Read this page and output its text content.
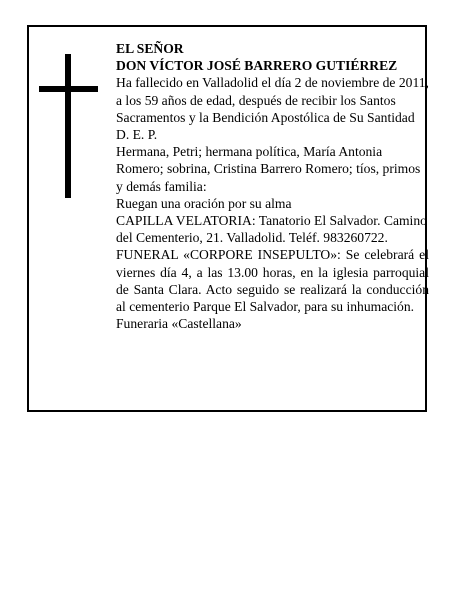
EL SEÑOR

DON VÍCTOR JOSÉ BARRERO GUTIÉRREZ

Ha fallecido en Valladolid el día 2 de noviembre de 2011, a los 59 años de edad, después de recibir los Santos Sacramentos y la Bendición Apostólica de Su Santidad

D. E. P.

Hermana, Petri; hermana política, María Antonia Romero; sobrina, Cristina Barrero Romero; tíos, primos y demás familia:

Ruegan una oración por su alma

CAPILLA VELATORIA: Tanatorio El Salvador. Camino del Cementerio, 21. Valladolid. Teléf. 983260722.

FUNERAL «CORPORE INSEPULTO»: Se celebrará el viernes día 4, a las 13.00 horas, en la iglesia parroquial de Santa Clara. Acto seguido se realizará la conducción al cementerio Parque El Salvador, para su inhumación.

Funeraria «Castellana»
